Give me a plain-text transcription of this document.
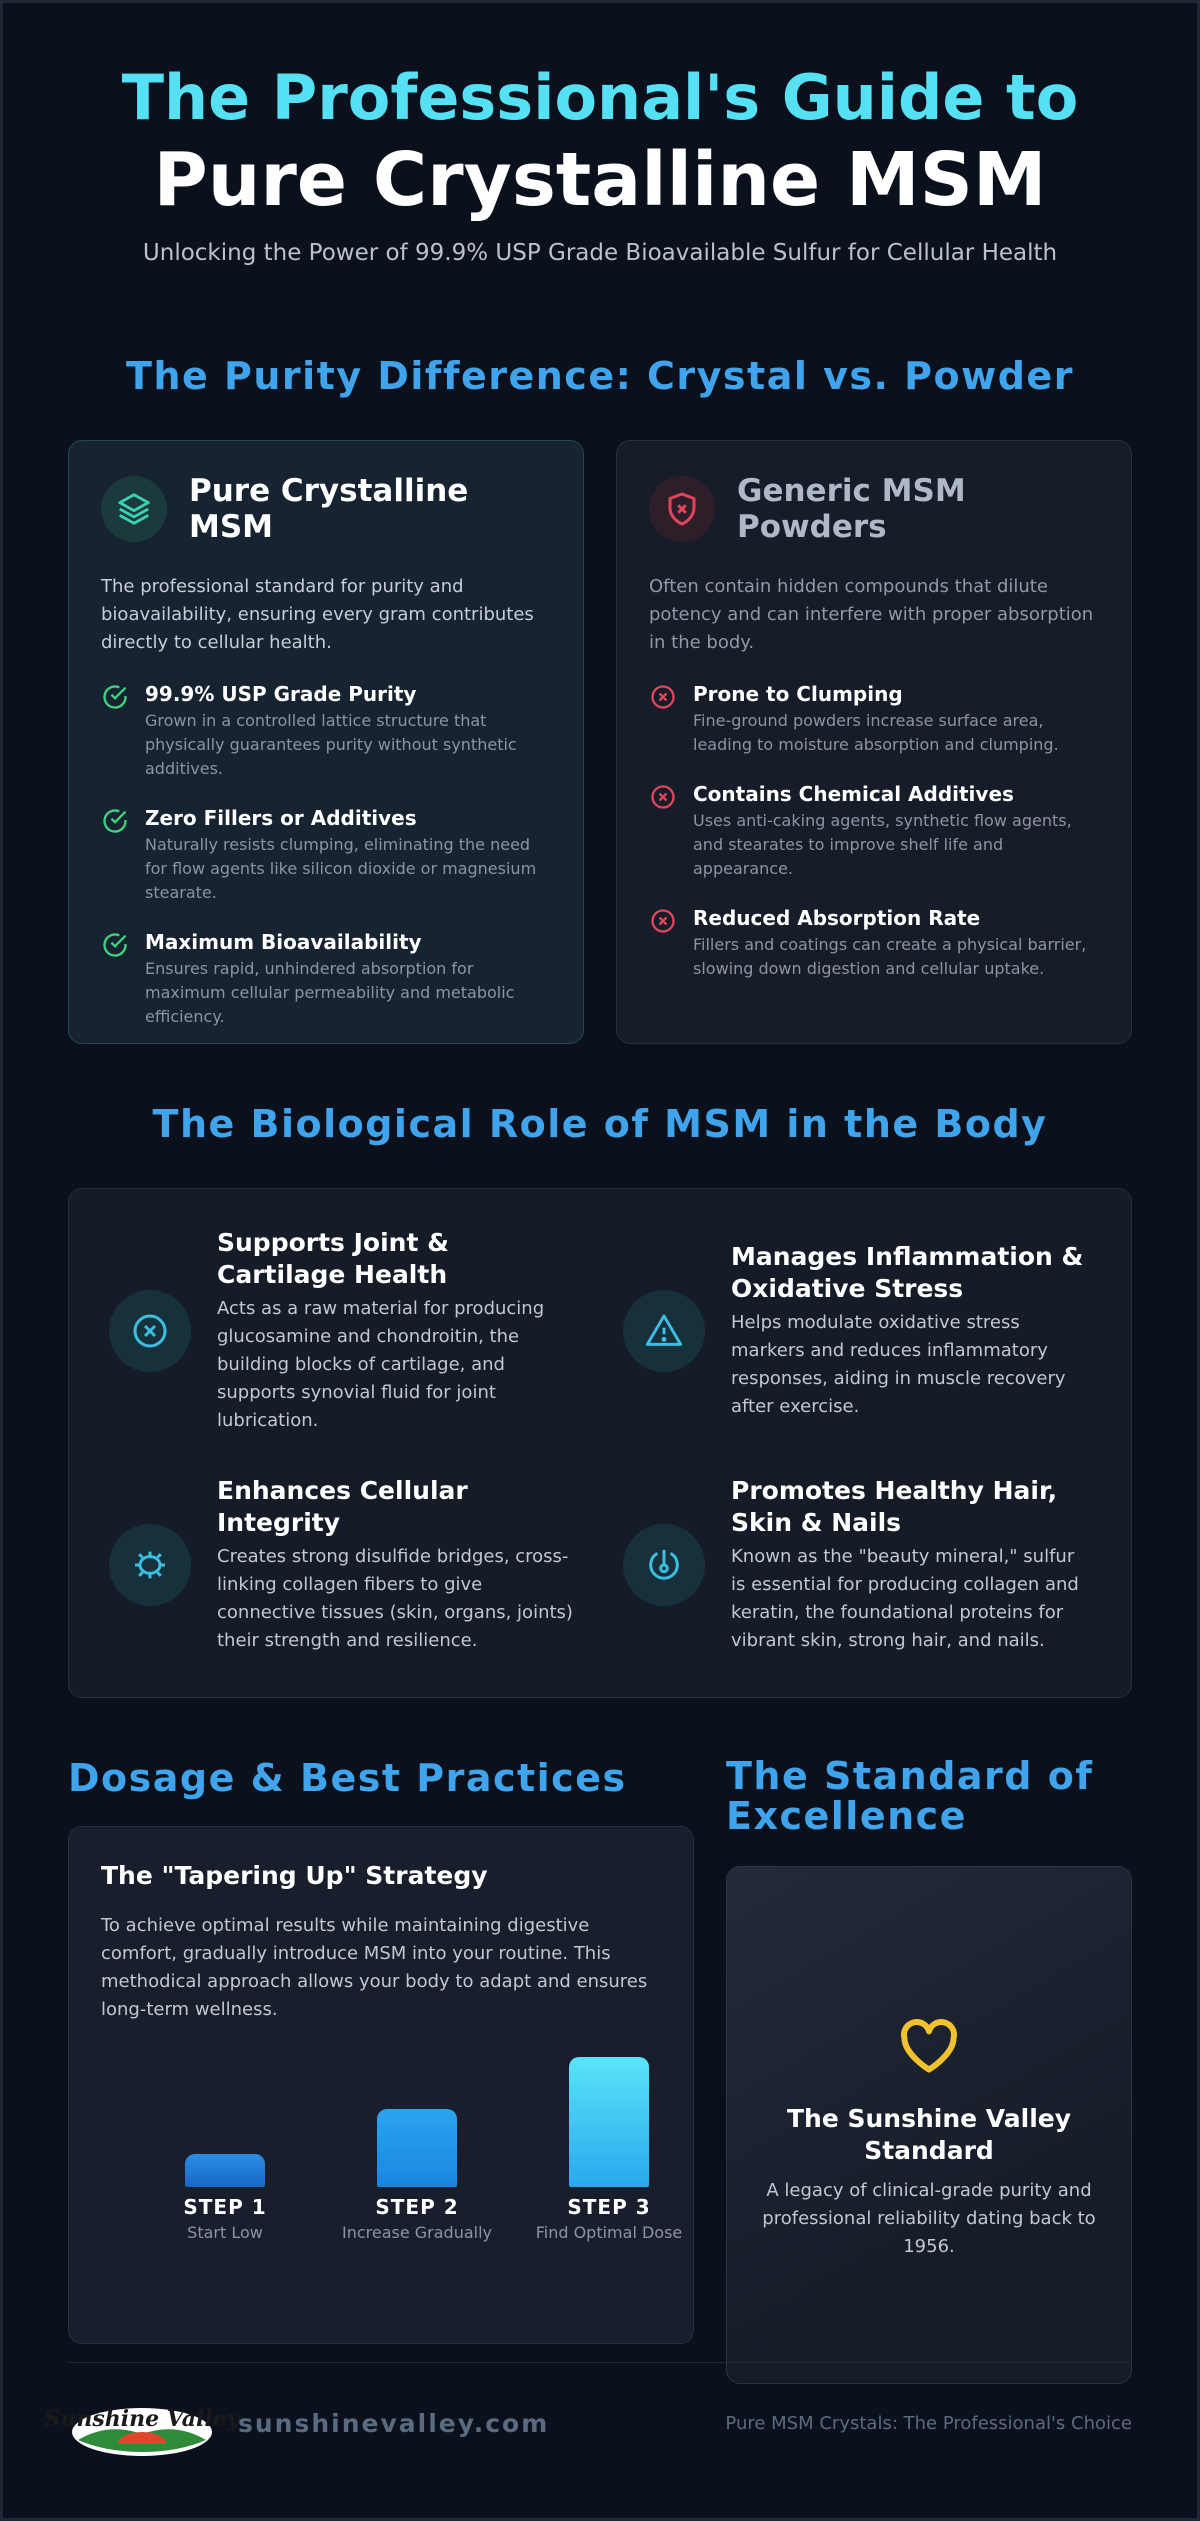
The Professional's Guide to
Pure Crystalline MSM

Unlocking the Power of 99.9% USP Grade Bioavailable Sulfur for Cellular Health

The Purity Difference: Crystal vs. Powder
Pure Crystalline MSM

The professional standard for purity and bioavailability, ensuring every gram contributes directly to cellular health.

99.9% USP Grade Purity

Grown in a controlled lattice structure that physically guarantees purity without synthetic additives.

Zero Fillers or Additives

Naturally resists clumping, eliminating the need for flow agents like silicon dioxide or magnesium stearate.

Maximum Bioavailability

Ensures rapid, unhindered absorption for maximum cellular permeability and metabolic efficiency.

Generic MSM Powders

Often contain hidden compounds that dilute potency and can interfere with proper absorption in the body.

Prone to Clumping

Fine-ground powders increase surface area, leading to moisture absorption and clumping.

Contains Chemical Additives

Uses anti-caking agents, synthetic flow agents, and stearates to improve shelf life and appearance.

Reduced Absorption Rate

Fillers and coatings can create a physical barrier, slowing down digestion and cellular uptake.

The Biological Role of MSM in the Body
Supports Joint & Cartilage Health

Acts as a raw material for producing glucosamine and chondroitin, the building blocks of cartilage, and supports synovial fluid for joint lubrication.

Manages Inflammation & Oxidative Stress

Helps modulate oxidative stress markers and reduces inflammatory responses, aiding in muscle recovery after exercise.

Enhances Cellular Integrity

Creates strong disulfide bridges, cross-linking collagen fibers to give connective tissues (skin, organs, joints) their strength and resilience.

Promotes Healthy Hair, Skin & Nails

Known as the "beauty mineral," sulfur is essential for producing collagen and keratin, the foundational proteins for vibrant skin, strong hair, and nails.

Dosage & Best Practices
The "Tapering Up" Strategy

To achieve optimal results while maintaining digestive comfort, gradually introduce MSM into your routine. This methodical approach allows your body to adapt and ensures long-term wellness.

STEP 1
Start Low
STEP 2
Increase Gradually
STEP 3
Find Optimal Dose
The Standard of Excellence
The Sunshine Valley Standard

A legacy of clinical-grade purity and professional reliability dating back to 1956.

Sunshine Valley
sunshinevalley.com	Pure MSM Crystals: The Professional's Choice
